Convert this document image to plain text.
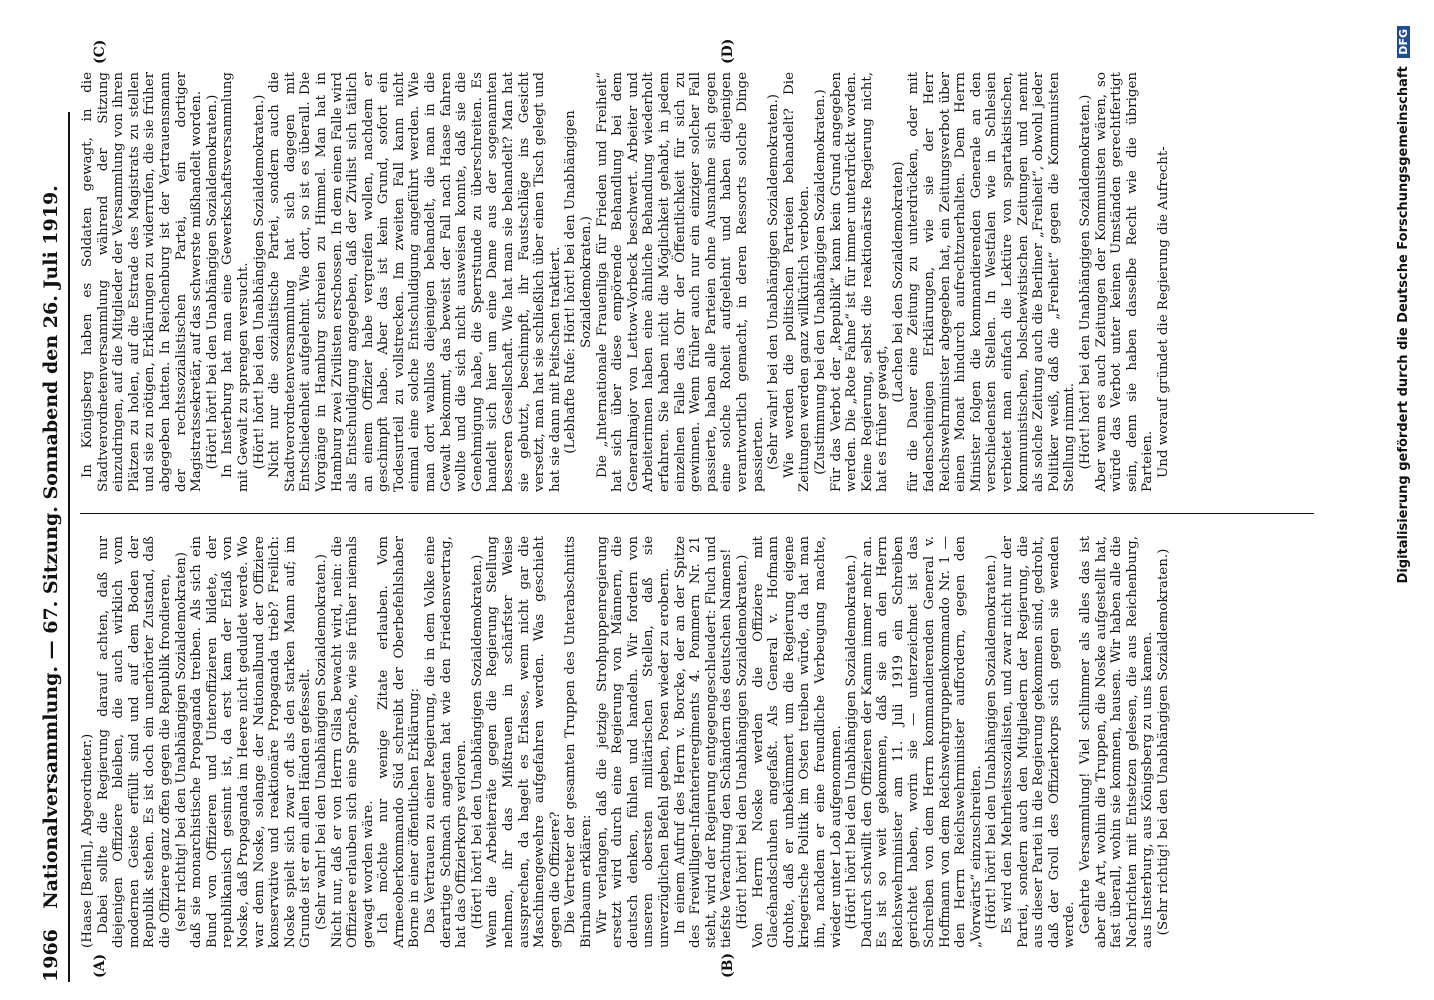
1966
Nationalversammlung. — 67. Sitzung. Sonnabend den 26. Juli 1919.
(A)	(B)
(C)	(D)

(Haase [Berlin], Abgeordneter.) Dabei sollte die Regierung darauf achten, daß nur diejenigen Offiziere bleiben, die auch wirklich vom modernen Geiste erfüllt sind und auf dem Boden der Republik stehen. Es ist doch ein unerhörter Zustand, daß die Offiziere ganz offen gegen die Republik frondieren, (sehr richtig! bei den Unabhängigen Sozialdemokraten) daß sie monarchistische Propaganda treiben. Als sich ein Bund von Offizieren und Unteroffizieren bildete, der republikanisch gesinnt ist, da erst kam der Erlaß von Noske, daß Propaganda im Heere nicht geduldet werde. Wo war denn Noske, solange der Nationalbund der Offiziere konservative und reaktionäre Propaganda trieb? Freilich: Noske spielt sich zwar oft als den starken Mann auf; im Grunde ist er ein allen Händen gefesselt. (Sehr wahr! bei den Unabhängigen Sozialdemokraten.) Nicht nur, daß er von Herrn Gilsa bewacht wird, nein: die Offiziere erlauben sich eine Sprache, wie sie früher niemals gewagt worden wäre. Ich möchte nur wenige Zitate erlauben. Vom Armeeoberkommando Süd schreibt der Oberbefehlshaber Borne in einer öffentlichen Erklärung: Das Vertrauen zu einer Regierung, die in dem Volke eine derartige Schmach angetan hat wie den Friedensvertrag, hat das Offizierkorps verloren. (Hört! hört! bei den Unabhängigen Sozialdemokraten.) Wenn die Arbeiterräte gegen die Regierung Stellung nehmen, ihr das Mißtrauen in schärfster Weise aussprechen, da hagelt es Erlasse, wenn nicht gar die Maschinengewehre aufgefahren werden. Was geschieht gegen die Offiziere? Die Vertreter der gesamten Truppen des Unterabschnitts Birnbaum erklären: Wir verlangen, daß die jetzige Strohpuppenregierung ersetzt wird durch eine Regierung von Männern, die deutsch denken, fühlen und handeln. Wir fordern von unseren obersten militärischen Stellen, daß sie unverzüglichen Befehl geben, Posen wieder zu erobern. In einem Aufruf des Herrn v. Borcke, der an der Spitze des Freiwilligen-Infanterieregiments 4. Pommern Nr. 21 steht, wird der Regierung entgegengeschleudert: Fluch und tiefste Verachtung den Schändern des deutschen Namens! (Hört! hört! bei den Unabhängigen Sozialdemokraten.) Von Herrn Noske werden die Offiziere mit Glacéhandschuhen angefaßt. Als General v. Hofmann drohte, daß er unbekümmert um die Regierung eigene kriegerische Politik im Osten treiben würde, da hat man ihn, nachdem er eine freundliche Verbeugung machte, wieder unter Lob aufgenommen. (Hört! hört! bei den Unabhängigen Sozialdemokraten.) Dadurch schwillt den Offizieren der Kamm immer mehr an. Es ist so weit gekommen, daß sie an den Herrn Reichswehrminister am 11. Juli 1919 ein Schreiben gerichtet haben, worin sie — unterzeichnet ist das Schreiben von dem Herrn kommandierenden General v. Hoffmann von dem Reichswehrgruppenkommando Nr. 1 — den Herrn Reichswehrminister auffordern, gegen den „Vorwärts“ einzuschreiten. (Hört! hört! bei den Unabhängigen Sozialdemokraten.) Es wird den Mehrheitssozialisten, und zwar nicht nur der Partei, sondern auch den Mitgliedern der Regierung, die aus dieser Partei in die Regierung gekommen sind, gedroht, daß der Groll des Offizierkorps sich gegen sie wenden werde. Geehrte Versammlung! Viel schlimmer als alles das ist aber die Art, wohin die Truppen, die Noske aufgestellt hat, fast überall, wohin sie kommen, hausen. Wir haben alle die Nachrichten mit Entsetzen gelesen, die aus Reichenburg, aus Insterburg, aus Königsberg zu uns kamen. (Sehr richtig! bei den Unabhängigen Sozialdemokraten.)

In Königsberg haben es Soldaten gewagt, in die Stadtverordnetenversammlung während der Sitzung einzudringen, auf die Mitglieder der Versammlung von ihren Plätzen zu holen, auf die Estrade des Magistrats zu stellen und sie zu nötigen, Erklärungen zu widerrufen, die sie früher abgegeben hatten. In Reichenburg ist der Vertrauensmann der rechtssozialistischen Partei, ein dortiger Magistratssekretär, auf das schwerste mißhandelt worden. (Hört! hört! bei den Unabhängigen Sozialdemokraten.) In Insterburg hat man eine Gewerkschaftsversammlung mit Gewalt zu sprengen versucht. (Hört! hört! bei den Unabhängigen Sozialdemokraten.) Nicht nur die sozialistische Partei, sondern auch die Stadtverordnetenversammlung hat sich dagegen mit Entschiedenheit aufgelehnt. Wie dort, so ist es überall. Die Vorgänge in Hamburg schreien zu Himmel. Man hat in Hamburg zwei Zivilisten erschossen. In dem einen Falle wird als Entschuldigung angegeben, daß der Zivilist sich tätlich an einem Offizier habe vergreifen wollen, nachdem er geschimpft habe. Aber das ist kein Grund, sofort ein Todesurteil zu vollstrecken. Im zweiten Fall kann nicht einmal eine solche Entschuldigung angeführt werden. Wie man dort wahllos diejenigen behandelt, die man in die Gewalt bekommt, das beweist der Fall nach Haase fahren wollte und die sich nicht ausweisen konnte, daß sie die Genehmigung habe, die Sperrstunde zu überschreiten. Es handelt sich hier um eine Dame aus der sogenannten besseren Gesellschaft. Wie hat man sie behandelt? Man hat sie gebutzt, beschimpft, ihr Faustschläge ins Gesicht versetzt, man hat sie schließlich über einen Tisch gelegt und hat sie dann mit Peitschen traktiert. (Lebhafte Rufe: Hört! hört! bei den Unabhängigen Sozialdemokraten.) Die „Internationale Frauenliga für Frieden und Freiheit“ hat sich über diese empörende Behandlung bei dem Generalmajor von Lettow-Vorbeck beschwert. Arbeiter und Arbeiterinnen haben eine ähnliche Behandlung wiederholt erfahren. Sie haben nicht die Möglichkeit gehabt, in jedem einzelnen Falle das Ohr der Öffentlichkeit für sich zu gewinnen. Wenn früher auch nur ein einziger solcher Fall passierte, haben alle Parteien ohne Ausnahme sich gegen eine solche Roheit aufgelehnt und haben diejenigen verantwortlich gemacht, in deren Ressorts solche Dinge passierten. (Sehr wahr! bei den Unabhängigen Sozialdemokraten.) Wie werden die politischen Parteien behandelt? Die Zeitungen werden ganz willkürlich verboten. (Zustimmung bei den Unabhängigen Sozialdemokraten.) Für das Verbot der „Republik“ kann kein Grund angegeben werden. Die „Rote Fahne“ ist für immer unterdrückt worden. Keine Regierung, selbst die reaktionärste Regierung nicht, hat es früher gewagt,

(Lachen bei den Sozialdemokraten) für die Dauer eine Zeitung zu unterdrücken, oder mit fadenscheinigen Erklärungen, wie sie der Herr Reichswehrminister abgegeben hat, ein Zeitungsverbot über einen Monat hindurch aufrechtzuerhalten. Dem Herrn Minister folgen die kommandierenden Generale an den verschiedensten Stellen. In Westfalen wie in Schlesien verbietet man einfach die Lektüre von spartakistischen, kommunistischen, bolschewistischen Zeitungen und nennt als solche Zeitung auch die Berliner „Freiheit“, obwohl jeder Politiker weiß, daß die „Freiheit“ gegen die Kommunisten Stellung nimmt. (Hört! hört! bei den Unabhängigen Sozialdemokraten.) Aber wenn es auch Zeitungen der Kommunisten wären, so würde das Verbot unter keinen Umständen gerechtfertigt sein, denn sie haben dasselbe Recht wie die übrigen Parteien. Und worauf gründet die Regierung die Aufrecht-	Digitalisierung gefördert durch die Deutsche Forschungsgemeinschaft DFG
